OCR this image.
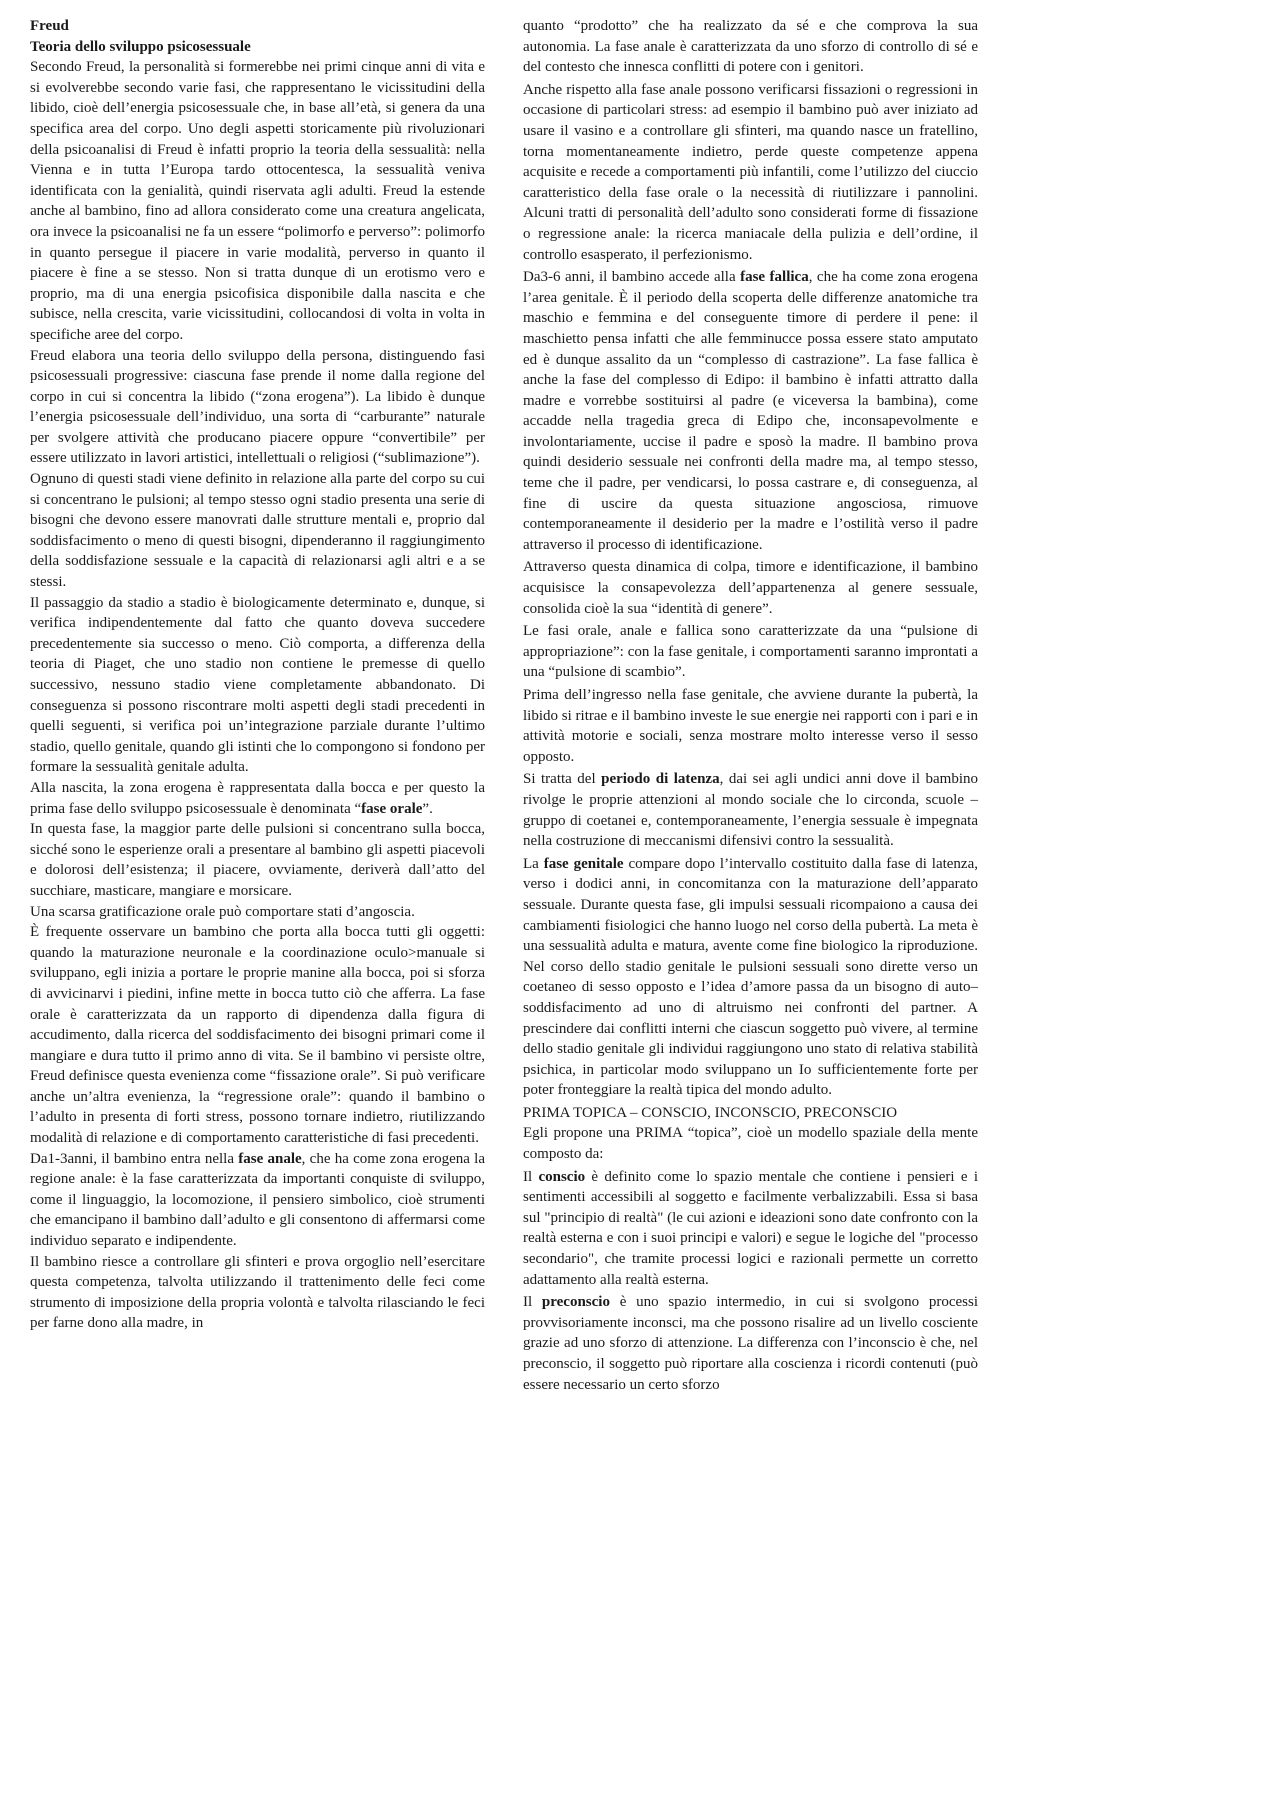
Freud

Teoria dello sviluppo psicosessuale

Secondo Freud, la personalità si formerebbe nei primi cinque anni di vita e si evolverebbe secondo varie fasi, che rappresentano le vicissitudini della libido, cioè dell’energia psicosessuale che, in base all’età, si genera da una specifica area del corpo. Uno degli aspetti storicamente più rivoluzionari della psicoanalisi di Freud è infatti proprio la teoria della sessualità: nella Vienna e in tutta l’Europa tardo ottocentesca, la sessualità veniva identificata con la genialità, quindi riservata agli adulti. Freud la estende anche al bambino, fino ad allora considerato come una creatura angelicata, ora invece la psicoanalisi ne fa un essere “polimorfo e perverso”: polimorfo in quanto persegue il piacere in varie modalità, perverso in quanto il piacere è fine a se stesso. Non si tratta dunque di un erotismo vero e proprio, ma di una energia psicofisica disponibile dalla nascita e che subisce, nella crescita, varie vicissitudini, collocandosi di volta in volta in specifiche aree del corpo.

Freud elabora una teoria dello sviluppo della persona, distinguendo fasi psicosessuali progressive: ciascuna fase prende il nome dalla regione del corpo in cui si concentra la libido (“zona erogena”). La libido è dunque l’energia psicosessuale dell’individuo, una sorta di “carburante” naturale per svolgere attività che producano piacere oppure “convertibile” per essere utilizzato in lavori artistici, intellettuali o religiosi (“sublimazione”).

Ognuno di questi stadi viene definito in relazione alla parte del corpo su cui si concentrano le pulsioni; al tempo stesso ogni stadio presenta una serie di bisogni che devono essere manovrati dalle strutture mentali e, proprio dal soddisfacimento o meno di questi bisogni, dipenderanno il raggiungimento della soddisfazione sessuale e la capacità di relazionarsi agli altri e a se stessi.

Il passaggio da stadio a stadio è biologicamente determinato e, dunque, si verifica indipendentemente dal fatto che quanto doveva succedere precedentemente sia successo o meno. Ciò comporta, a differenza della teoria di Piaget, che uno stadio non contiene le premesse di quello successivo, nessuno stadio viene completamente abbandonato. Di conseguenza si possono riscontrare molti aspetti degli stadi precedenti in quelli seguenti, si verifica poi un’integrazione parziale durante l’ultimo stadio, quello genitale, quando gli istinti che lo compongono si fondono per formare la sessualità genitale adulta.

Alla nascita, la zona erogena è rappresentata dalla bocca e per questo la prima fase dello sviluppo psicosessuale è denominata “fase orale”.

In questa fase, la maggior parte delle pulsioni si concentrano sulla bocca, sicché sono le esperienze orali a presentare al bambino gli aspetti piacevoli e dolorosi dell’esistenza; il piacere, ovviamente, deriverà dall’atto del succhiare, masticare, mangiare e morsicare.

Una scarsa gratificazione orale può comportare stati d’angoscia.

È frequente osservare un bambino che porta alla bocca tutti gli oggetti: quando la maturazione neuronale e la coordinazione oculo>manuale si sviluppano, egli inizia a portare le proprie manine alla bocca, poi si sforza di avvicinarvi i piedini, infine mette in bocca tutto ciò che afferra. La fase orale è caratterizzata da un rapporto di dipendenza dalla figura di accudimento, dalla ricerca del soddisfacimento dei bisogni primari come il mangiare e dura tutto il primo anno di vita. Se il bambino vi persiste oltre, Freud definisce questa evenienza come “fissazione orale”. Si può verificare anche un’altra evenienza, la “regressione orale”: quando il bambino o l’adulto in presenta di forti stress, possono tornare indietro, riutilizzando modalità di relazione e di comportamento caratteristiche di fasi precedenti.

Da1-3anni, il bambino entra nella fase anale, che ha come zona erogena la regione anale: è la fase caratterizzata da importanti conquiste di sviluppo, come il linguaggio, la locomozione, il pensiero simbolico, cioè strumenti che emancipano il bambino dall’adulto e gli consentono di affermarsi come individuo separato e indipendente.

Il bambino riesce a controllare gli sfinteri e prova orgoglio nell’esercitare questa competenza, talvolta utilizzando il trattenimento delle feci come strumento di imposizione della propria volontà e talvolta rilasciando le feci per farne dono alla madre, in

quanto “prodotto” che ha realizzato da sé e che comprova la sua autonomia. La fase anale è caratterizzata da uno sforzo di controllo di sé e del contesto che innesca conflitti di potere con i genitori.

Anche rispetto alla fase anale possono verificarsi fissazioni o regressioni in occasione di particolari stress: ad esempio il bambino può aver iniziato ad usare il vasino e a controllare gli sfinteri, ma quando nasce un fratellino, torna momentaneamente indietro, perde queste competenze appena acquisite e recede a comportamenti più infantili, come l’utilizzo del ciuccio caratteristico della fase orale o la necessità di riutilizzare i pannolini. Alcuni tratti di personalità dell’adulto sono considerati forme di fissazione o regressione anale: la ricerca maniacale della pulizia e dell’ordine, il controllo esasperato, il perfezionismo.

Da3-6 anni, il bambino accede alla fase fallica, che ha come zona erogena l’area genitale. È il periodo della scoperta delle differenze anatomiche tra maschio e femmina e del conseguente timore di perdere il pene: il maschietto pensa infatti che alle femminucce possa essere stato amputato ed è dunque assalito da un “complesso di castrazione”. La fase fallica è anche la fase del complesso di Edipo: il bambino è infatti attratto dalla madre e vorrebbe sostituirsi al padre (e viceversa la bambina), come accadde nella tragedia greca di Edipo che, inconsapevolmente e involontariamente, uccise il padre e sposò la madre. Il bambino prova quindi desiderio sessuale nei confronti della madre ma, al tempo stesso, teme che il padre, per vendicarsi, lo possa castrare e, di conseguenza, al fine di uscire da questa situazione angosciosa, rimuove contemporaneamente il desiderio per la madre e l’ostilità verso il padre attraverso il processo di identificazione.

Attraverso questa dinamica di colpa, timore e identificazione, il bambino acquisisce la consapevolezza dell’appartenenza al genere sessuale, consolida cioè la sua “identità di genere”.

Le fasi orale, anale e fallica sono caratterizzate da una “pulsione di appropriazione”: con la fase genitale, i comportamenti saranno improntati a una “pulsione di scambio”.

Prima dell’ingresso nella fase genitale, che avviene durante la pubertà, la libido si ritrae e il bambino investe le sue energie nei rapporti con i pari e in attività motorie e sociali, senza mostrare molto interesse verso il sesso opposto.

Si tratta del periodo di latenza, dai sei agli undici anni dove il bambino rivolge le proprie attenzioni al mondo sociale che lo circonda, scuole – gruppo di coetanei e, contemporaneamente, l’energia sessuale è impegnata nella costruzione di meccanismi difensivi contro la sessualità.

La fase genitale compare dopo l’intervallo costituito dalla fase di latenza, verso i dodici anni, in concomitanza con la maturazione dell’apparato sessuale. Durante questa fase, gli impulsi sessuali ricompaiono a causa dei cambiamenti fisiologici che hanno luogo nel corso della pubertà. La meta è una sessualità adulta e matura, avente come fine biologico la riproduzione. Nel corso dello stadio genitale le pulsioni sessuali sono dirette verso un coetaneo di sesso opposto e l’idea d’amore passa da un bisogno di auto–soddisfacimento ad uno di altruismo nei confronti del partner. A prescindere dai conflitti interni che ciascun soggetto può vivere, al termine dello stadio genitale gli individui raggiungono uno stato di relativa stabilità psichica, in particolar modo sviluppano un Io sufficientemente forte per poter fronteggiare la realtà tipica del mondo adulto.

PRIMA TOPICA – CONSCIO, INCONSCIO, PRECONSCIO

Egli propone una PRIMA “topica”, cioè un modello spaziale della mente composto da:

Il conscio è definito come lo spazio mentale che contiene i pensieri e i sentimenti accessibili al soggetto e facilmente verbalizzabili. Essa si basa sul "principio di realtà" (le cui azioni e ideazioni sono date confronto con la realtà esterna e con i suoi principi e valori) e segue le logiche del "processo secondario", che tramite processi logici e razionali permette un corretto adattamento alla realtà esterna.

Il preconscio è uno spazio intermedio, in cui si svolgono processi provvisoriamente inconsci, ma che possono risalire ad un livello cosciente grazie ad uno sforzo di attenzione. La differenza con l’inconscio è che, nel preconscio, il soggetto può riportare alla coscienza i ricordi contenuti (può essere necessario un certo sforzo
